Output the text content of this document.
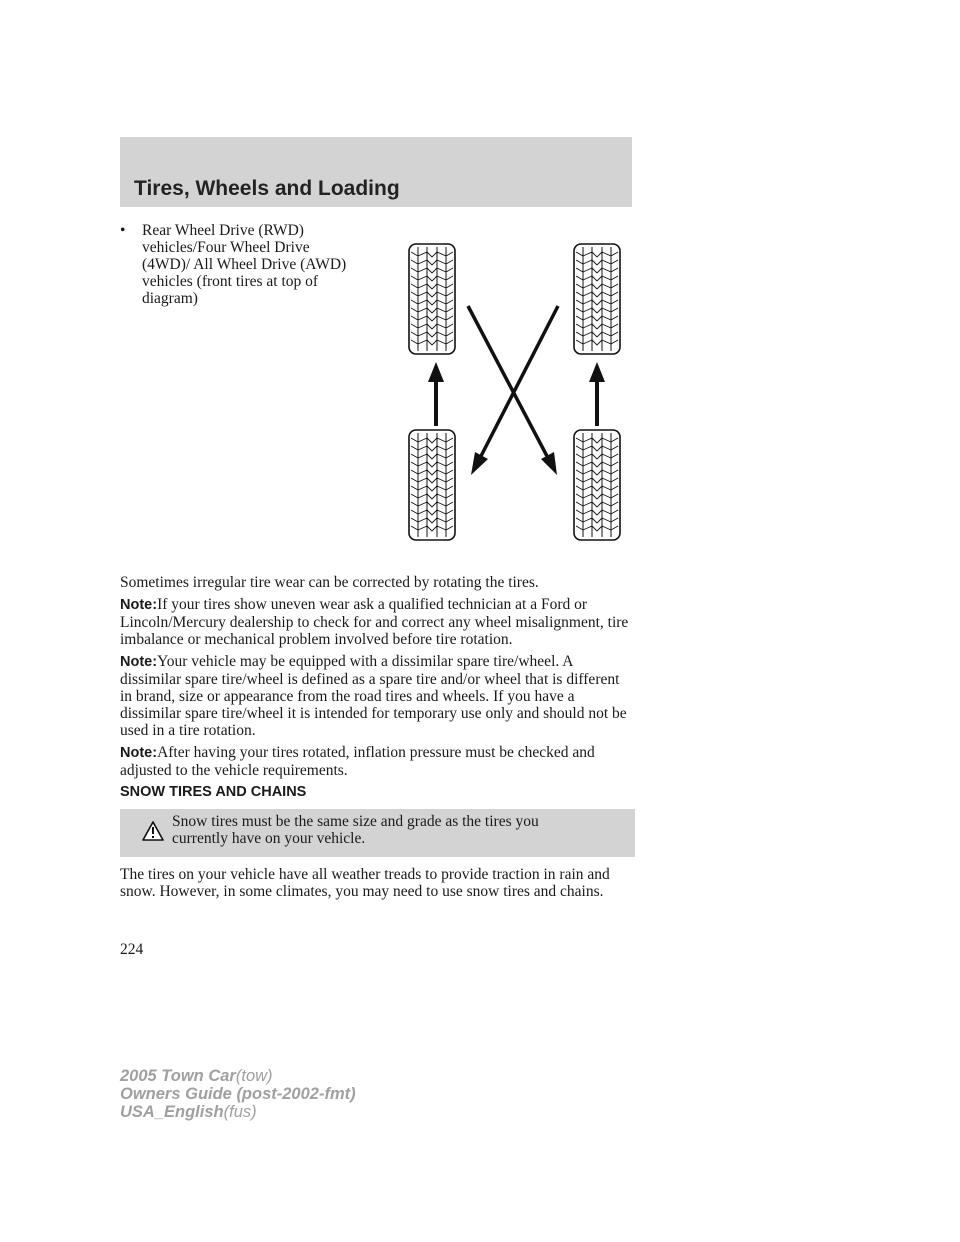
Tires, Wheels and Loading
•	Rear Wheel Drive (RWD)
vehicles/Four Wheel Drive
(4WD)/ All Wheel Drive (AWD)
vehicles (front tires at top of
diagram)

Sometimes irregular tire wear can be corrected by rotating the tires.

Note:If your tires show uneven wear ask a qualified technician at a Ford or Lincoln/Mercury dealership to check for and correct any wheel misalignment, tire imbalance or mechanical problem involved before tire rotation.

Note:Your vehicle may be equipped with a dissimilar spare tire/wheel. A dissimilar spare tire/wheel is defined as a spare tire and/or wheel that is different in brand, size or appearance from the road tires and wheels. If you have a dissimilar spare tire/wheel it is intended for temporary use only and should not be used in a tire rotation.

Note:After having your tires rotated, inflation pressure must be checked and adjusted to the vehicle requirements.

SNOW TIRES AND CHAINS
Snow tires must be the same size and grade as the tires you currently have on your vehicle.

The tires on your vehicle have all weather treads to provide traction in rain and snow. However, in some climates, you may need to use snow tires and chains.

224
2005 Town Car(tow)
Owners Guide (post-2002-fmt)
USA_English(fus)
